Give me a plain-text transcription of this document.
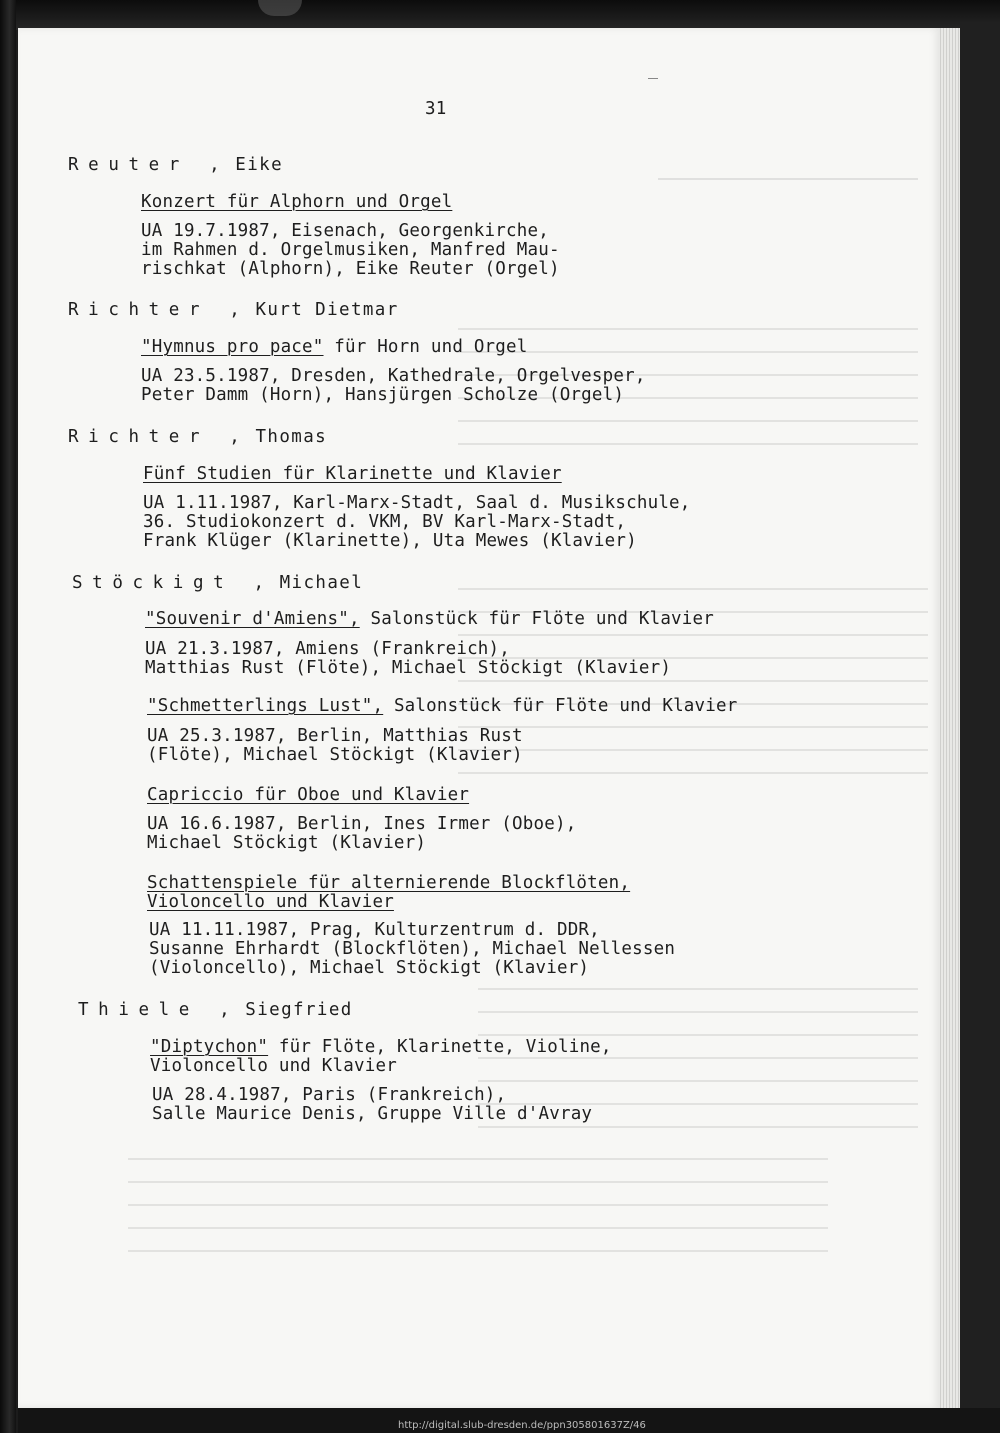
31
Reuter , Eike
Konzert für Alphorn und Orgel
UA 19.7.1987, Eisenach, Georgenkirche,
im Rahmen d. Orgelmusiken, Manfred Mau-
rischkat (Alphorn), Eike Reuter (Orgel)
Richter , Kurt Dietmar
"Hymnus pro pace" für Horn und Orgel
UA 23.5.1987, Dresden, Kathedrale, Orgelvesper,
Peter Damm (Horn), Hansjürgen Scholze (Orgel)
Richter , Thomas
Fünf Studien für Klarinette und Klavier
UA 1.11.1987, Karl-Marx-Stadt, Saal d. Musikschule,
36. Studiokonzert d. VKM, BV Karl-Marx-Stadt,
Frank Klüger (Klarinette), Uta Mewes (Klavier)
Stöckigt , Michael
"Souvenir d'Amiens", Salonstück für Flöte und Klavier
UA 21.3.1987, Amiens (Frankreich),
Matthias Rust (Flöte), Michael Stöckigt (Klavier)
"Schmetterlings Lust", Salonstück für Flöte und Klavier
UA 25.3.1987, Berlin, Matthias Rust
(Flöte), Michael Stöckigt (Klavier)
Capriccio für Oboe und Klavier
UA 16.6.1987, Berlin, Ines Irmer (Oboe),
Michael Stöckigt (Klavier)
Schattenspiele für alternierende Blockflöten,
Violoncello und Klavier
UA 11.11.1987, Prag, Kulturzentrum d. DDR,
Susanne Ehrhardt (Blockflöten), Michael Nellessen
(Violoncello), Michael Stöckigt (Klavier)
Thiele , Siegfried
"Diptychon" für Flöte, Klarinette, Violine,
Violoncello und Klavier
UA 28.4.1987, Paris (Frankreich),
Salle Maurice Denis, Gruppe Ville d'Avray
http://digital.slub-dresden.de/ppn305801637Z/46
